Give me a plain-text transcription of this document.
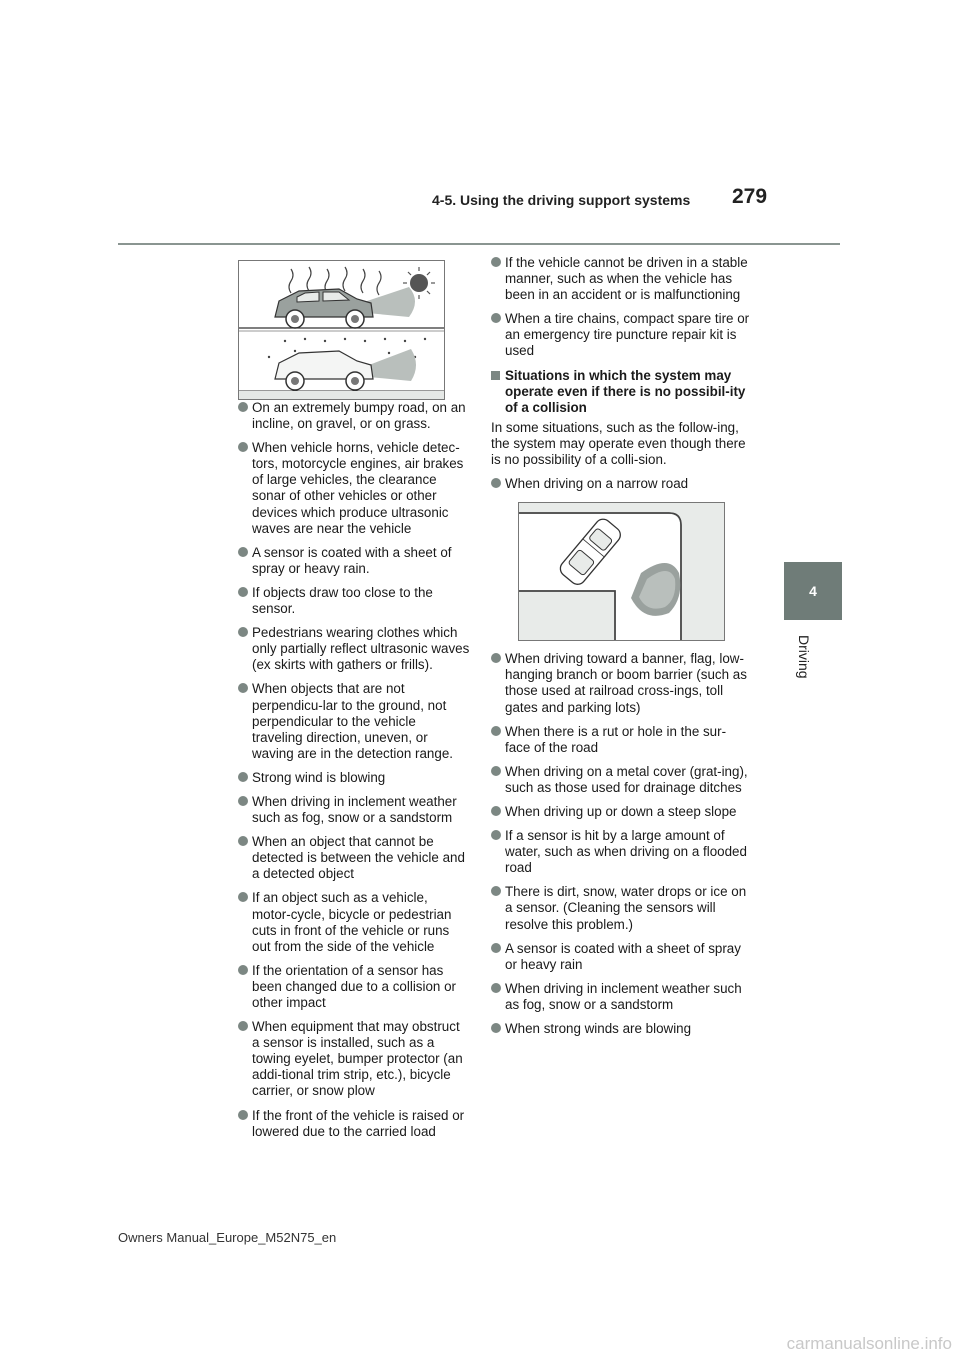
4-5. Using the driving support systems 279
4
Driving
On an extremely bumpy road, on an incline, on gravel, or on grass.
When vehicle horns, vehicle detec-tors, motorcycle engines, air brakes of large vehicles, the clearance sonar of other vehicles or other devices which produce ultrasonic waves are near the vehicle
A sensor is coated with a sheet of spray or heavy rain.
If objects draw too close to the sensor.
Pedestrians wearing clothes which only partially reflect ultrasonic waves (ex skirts with gathers or frills).
When objects that are not perpendicu-lar to the ground, not perpendicular to the vehicle traveling direction, uneven, or waving are in the detection range.
Strong wind is blowing
When driving in inclement weather such as fog, snow or a sandstorm
When an object that cannot be detected is between the vehicle and a detected object
If an object such as a vehicle, motor-cycle, bicycle or pedestrian cuts in front of the vehicle or runs out from the side of the vehicle
If the orientation of a sensor has been changed due to a collision or other impact
When equipment that may obstruct a sensor is installed, such as a towing eyelet, bumper protector (an addi-tional trim strip, etc.), bicycle carrier, or snow plow
If the front of the vehicle is raised or lowered due to the carried load
If the vehicle cannot be driven in a stable manner, such as when the vehicle has been in an accident or is malfunctioning
When a tire chains, compact spare tire or an emergency tire puncture repair kit is used
Situations in which the system may operate even if there is no possibil-ity of a collision

In some situations, such as the follow-ing, the system may operate even though there is no possibility of a colli-sion.

When driving on a narrow road
When driving toward a banner, flag, low-hanging branch or boom barrier (such as those used at railroad cross-ings, toll gates and parking lots)
When there is a rut or hole in the sur-face of the road
When driving on a metal cover (grat-ing), such as those used for drainage ditches
When driving up or down a steep slope
If a sensor is hit by a large amount of water, such as when driving on a flooded road
There is dirt, snow, water drops or ice on a sensor. (Cleaning the sensors will resolve this problem.)
A sensor is coated with a sheet of spray or heavy rain
When driving in inclement weather such as fog, snow or a sandstorm
When strong winds are blowing
Owners Manual_Europe_M52N75_en
carmanualsonline.info
